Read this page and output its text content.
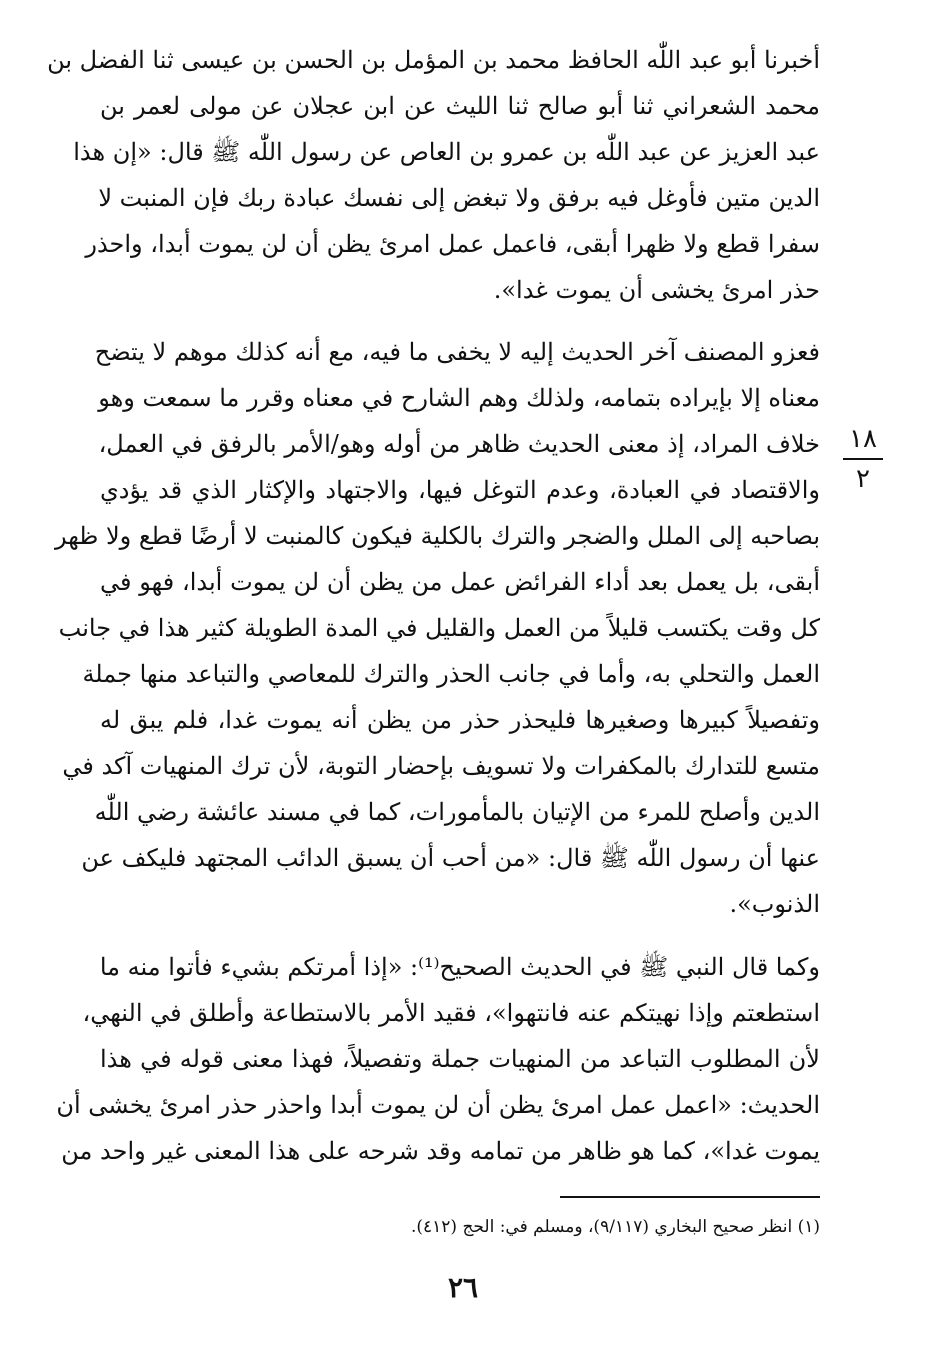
أخبرنا أبو عبد اللّٰه الحافظ محمد بن المؤمل بن الحسن بن عيسى ثنا الفضل بن
محمد الشعراني ثنا أبو صالح ثنا الليث عن ابن عجلان عن مولى لعمر بن
عبد العزيز عن عبد اللّٰه بن عمرو بن العاص عن رسول اللّٰه ﷺ قال: «إن هذا
الدين متين فأوغل فيه برفق ولا تبغض إلى نفسك عبادة ربك فإن المنبت لا
سفرا قطع ولا ظهرا أبقى، فاعمل عمل امرئ يظن أن لن يموت أبدا، واحذر
حذر امرئ يخشى أن يموت غدا».
فعزو المصنف آخر الحديث إليه لا يخفى ما فيه، مع أنه كذلك موهم لا يتضح
معناه إلا بإيراده بتمامه، ولذلك وهم الشارح في معناه وقرر ما سمعت وهو
خلاف المراد، إذ معنى الحديث ظاهر من أوله وهو/الأمر بالرفق في العمل،
والاقتصاد في العبادة، وعدم التوغل فيها، والاجتهاد والإكثار الذي قد يؤدي
بصاحبه إلى الملل والضجر والترك بالكلية فيكون كالمنبت لا أرضًا قطع ولا ظهر
أبقى، بل يعمل بعد أداء الفرائض عمل من يظن أن لن يموت أبدا، فهو في
كل وقت يكتسب قليلاً من العمل والقليل في المدة الطويلة كثير هذا في جانب
العمل والتحلي به، وأما في جانب الحذر والترك للمعاصي والتباعد منها جملة
وتفصيلاً كبيرها وصغيرها فليحذر حذر من يظن أنه يموت غدا، فلم يبق له
متسع للتدارك بالمكفرات ولا تسويف بإحضار التوبة، لأن ترك المنهيات آكد في
الدين وأصلح للمرء من الإتيان بالمأمورات، كما في مسند عائشة رضي اللّٰه
عنها أن رسول اللّٰه ﷺ قال: «من أحب أن يسبق الدائب المجتهد فليكف عن
الذنوب».
وكما قال النبي ﷺ في الحديث الصحيح⁽¹⁾: «إذا أمرتكم بشيء فأتوا منه ما
استطعتم وإذا نهيتكم عنه فانتهوا»، فقيد الأمر بالاستطاعة وأطلق في النهي،
لأن المطلوب التباعد من المنهيات جملة وتفصيلاً، فهذا معنى قوله في هذا
الحديث: «اعمل عمل امرئ يظن أن لن يموت أبدا واحذر حذر امرئ يخشى أن
يموت غدا»، كما هو ظاهر من تمامه وقد شرحه على هذا المعنى غير واحد من
١٨
٢
(١) انظر صحيح البخاري (٩/١١٧)، ومسلم في: الحج (٤١٢).
٢٦
